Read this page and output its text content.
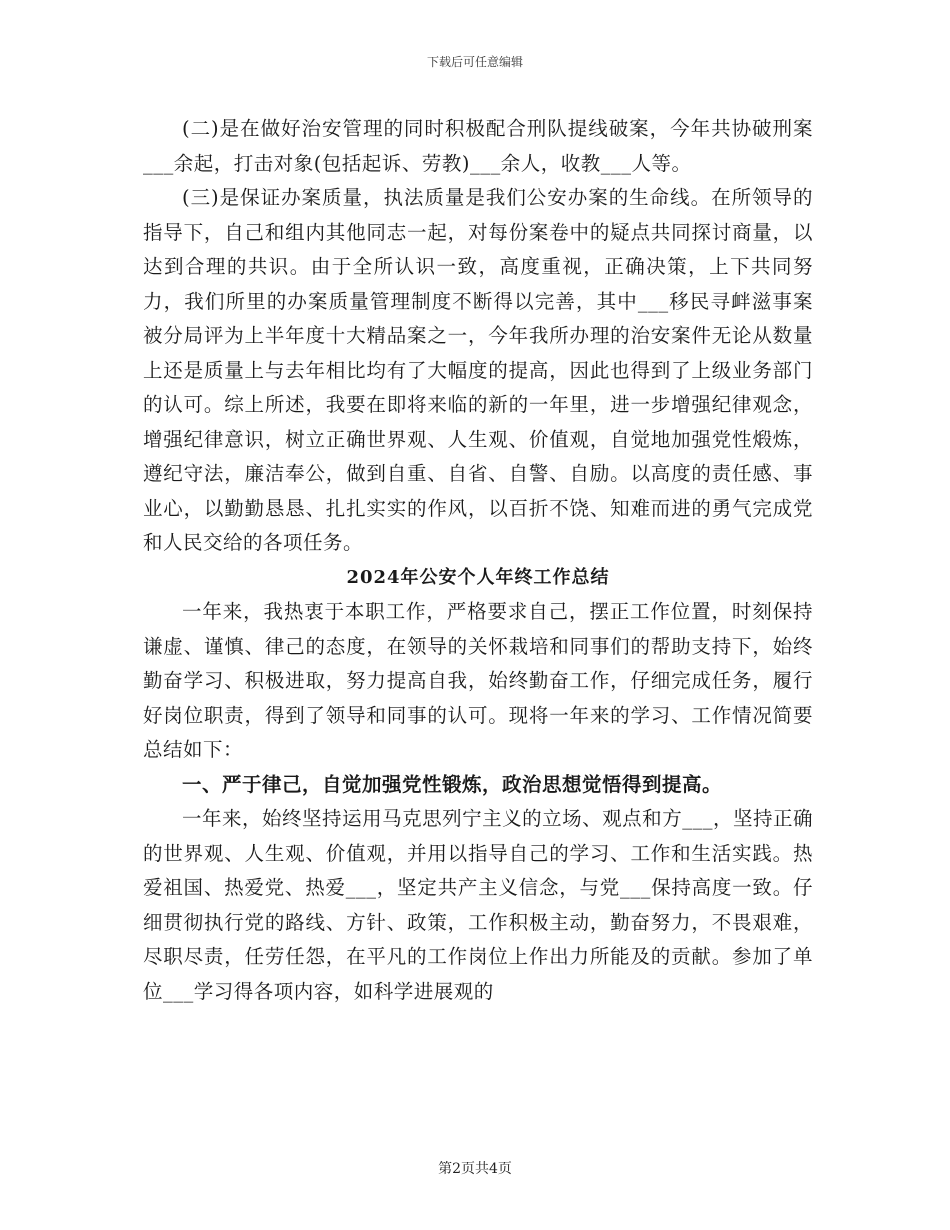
下载后可任意编辑

(二)是在做好治安管理的同时积极配合刑队提线破案，今年共协破刑案___余起，打击对象(包括起诉、劳教)___余人，收教___人等。

(三)是保证办案质量，执法质量是我们公安办案的生命线。在所领导的指导下，自己和组内其他同志一起，对每份案卷中的疑点共同探讨商量，以达到合理的共识。由于全所认识一致，高度重视，正确决策，上下共同努力，我们所里的办案质量管理制度不断得以完善，其中___移民寻衅滋事案被分局评为上半年度十大精品案之一，今年我所办理的治安案件无论从数量上还是质量上与去年相比均有了大幅度的提高，因此也得到了上级业务部门的认可。综上所述，我要在即将来临的新的一年里，进一步增强纪律观念，增强纪律意识，树立正确世界观、人生观、价值观，自觉地加强党性煅炼，遵纪守法，廉洁奉公，做到自重、自省、自警、自励。以高度的责任感、事业心，以勤勤恳恳、扎扎实实的作风，以百折不饶、知难而进的勇气完成党和人民交给的各项任务。

2024年公安个人年终工作总结

一年来，我热衷于本职工作，严格要求自己，摆正工作位置，时刻保持谦虚、谨慎、律己的态度，在领导的关怀栽培和同事们的帮助支持下，始终勤奋学习、积极进取，努力提高自我，始终勤奋工作，仔细完成任务，履行好岗位职责，得到了领导和同事的认可。现将一年来的学习、工作情况简要总结如下：

一、严于律己，自觉加强党性锻炼，政治思想觉悟得到提高。

一年来，始终坚持运用马克思列宁主义的立场、观点和方___，坚持正确的世界观、人生观、价值观，并用以指导自己的学习、工作和生活实践。热爱祖国、热爱党、热爱___，坚定共产主义信念，与党___保持高度一致。仔细贯彻执行党的路线、方针、政策，工作积极主动，勤奋努力，不畏艰难，尽职尽责，任劳任怨，在平凡的工作岗位上作出力所能及的贡献。参加了单位___学习得各项内容，如科学进展观的

第2页共4页
